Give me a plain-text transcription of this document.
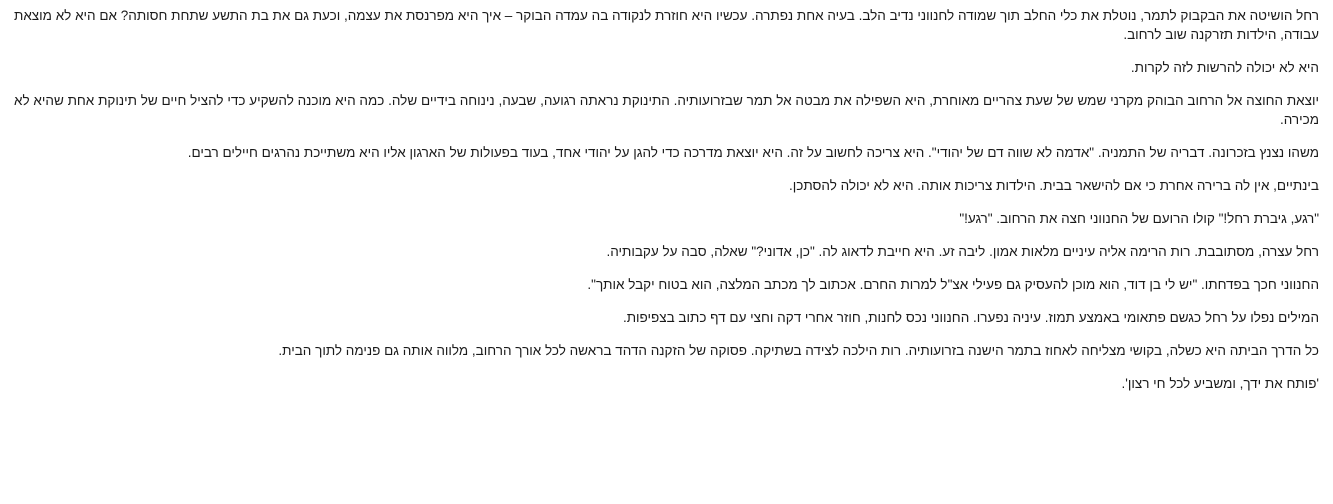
רחל הושיטה את הבקבוק לתמר, נוטלת את כלי החלב תוך שמודה לחנווני נדיב הלב. בעיה אחת נפתרה. עכשיו היא חוזרת לנקודה בה עמדה הבוקר – איך היא מפרנסת את עצמה, וכעת גם את בת התשע שתחת חסותה? אם היא לא מוצאת עבודה, הילדות תזרקנה שוב לרחוב.

היא לא יכולה להרשות לזה לקרות.

יוצאת החוצה אל הרחוב הבוהק מקרני שמש של שעת צהריים מאוחרת, היא השפילה את מבטה אל תמר שבזרועותיה. התינוקת נראתה רגועה, שבעה, נינוחה בידיים שלה. כמה היא מוכנה להשקיע כדי להציל חיים של תינוקת אחת שהיא לא מכירה.

משהו נצנץ בזכרונה. דבריה של התמניה. "אדמה לא שווה דם של יהודי". היא צריכה לחשוב על זה. היא יוצאת מדרכה כדי להגן על יהודי אחד, בעוד בפעולות של הארגון אליו היא משתייכת נהרגים חיילים רבים.

בינתיים, אין לה ברירה אחרת כי אם להישאר בבית. הילדות צריכות אותה. היא לא יכולה להסתכן.

"רגע, גיברת רחל!" קולו הרועם של החנווני חצה את הרחוב. "רגע!"

רחל עצרה, מסתובבת. רות הרימה אליה עיניים מלאות אמון. ליבה זע. היא חייבת לדאוג לה. "כן, אדוני?" שאלה, סבה על עקבותיה.

החנווני חכך בפדחתו. "יש לי בן דוד, הוא מוכן להעסיק גם פעילי אצ"ל למרות החרם. אכתוב לך מכתב המלצה, הוא בטוח יקבל אותך".

המילים נפלו על רחל כגשם פתאומי באמצע תמוז. עיניה נפערו. החנווני נכס לחנות, חוזר אחרי דקה וחצי עם דף כתוב בצפיפות.

כל הדרך הביתה היא כשלה, בקושי מצליחה לאחוז בתמר הישנה בזרועותיה. רות הילכה לצידה בשתיקה. פסוקה של הזקנה הדהד בראשה לכל אורך הרחוב, מלווה אותה גם פנימה לתוך הבית.

'פותח את ידך, ומשביע לכל חי רצון'.
